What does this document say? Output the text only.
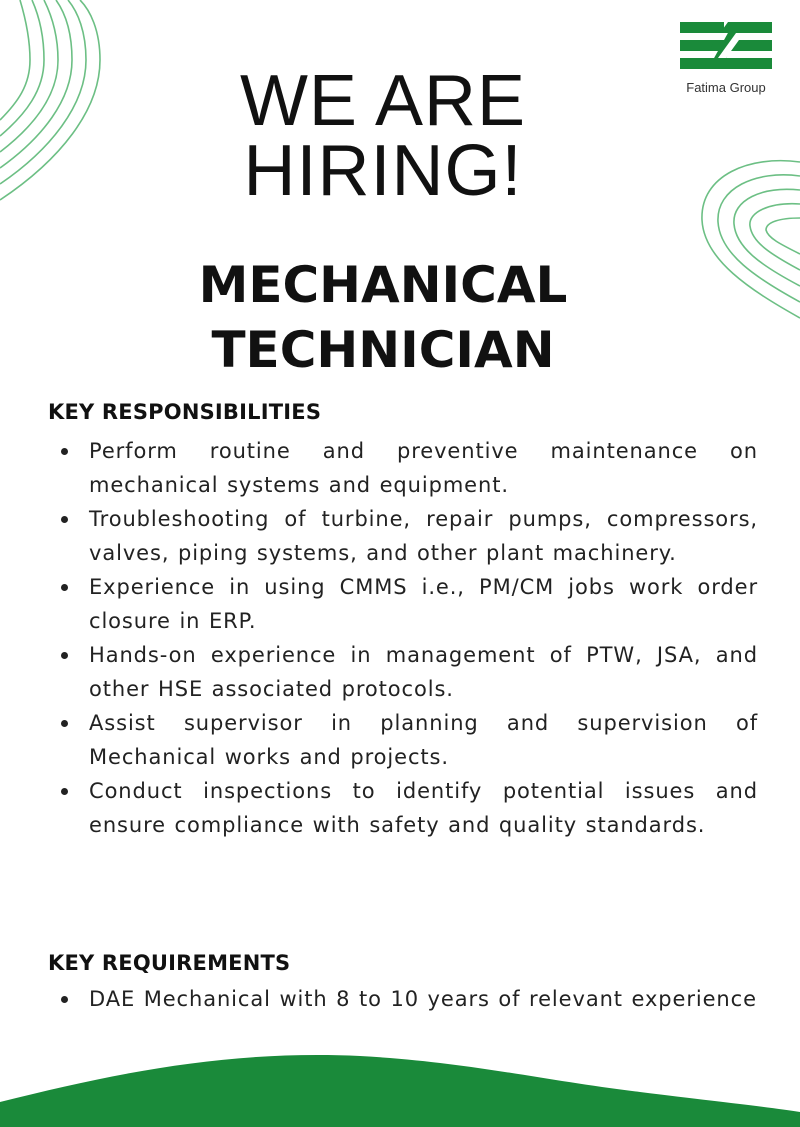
Fatima Group
WE ARE
HIRING!
MECHANICAL
TECHNICIAN
KEY RESPONSIBILITIES
Perform routine and preventive maintenance on mechanical systems and equipment.
Troubleshooting of turbine, repair pumps, compressors, valves, piping systems, and other plant machinery.
Experience in using CMMS i.e., PM/CM jobs work order closure in ERP.
Hands-on experience in management of PTW, JSA, and other HSE associated protocols.
Assist supervisor in planning and supervision of Mechanical works and projects.
Conduct inspections to identify potential issues and ensure compliance with safety and quality standards.
KEY REQUIREMENTS
DAE Mechanical with 8 to 10 years of relevant experience
